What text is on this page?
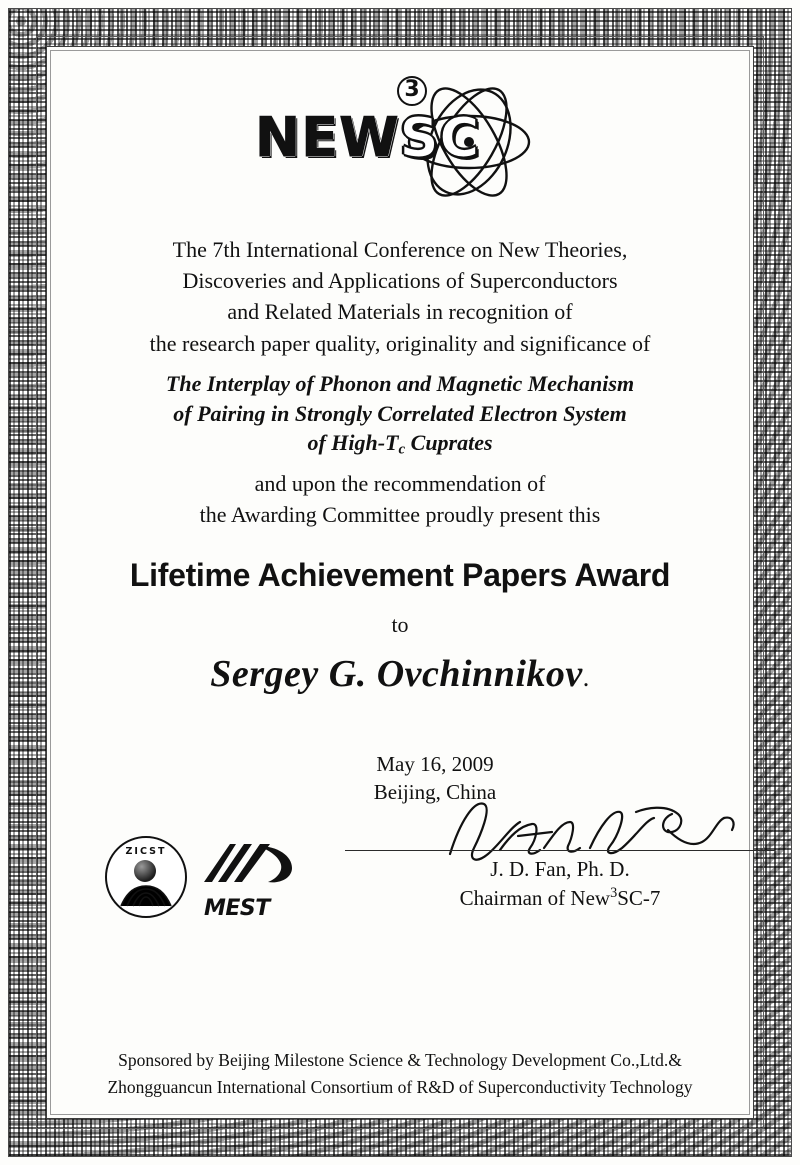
NEWSC
3
The 7th International Conference on New Theories,
Discoveries and Applications of Superconductors
and Related Materials in recognition of
the research paper quality, originality and significance of
The Interplay of Phonon and Magnetic Mechanism
of Pairing in Strongly Correlated Electron System
of High-$T_c$ Cuprates
and upon the recommendation of
the Awarding Committee proudly present this
Lifetime Achievement Papers Award
to
Sergey G. Ovchinnikov.
May 16, 2009
Beijing, China
J. D. Fan, Ph. D.
Chairman of New$^3$SC-7
ZICST
MEST
Sponsored by Beijing Milestone Science & Technology Development Co.,Ltd.&
Zhongguancun International Consortium of R&D of Superconductivity Technology
